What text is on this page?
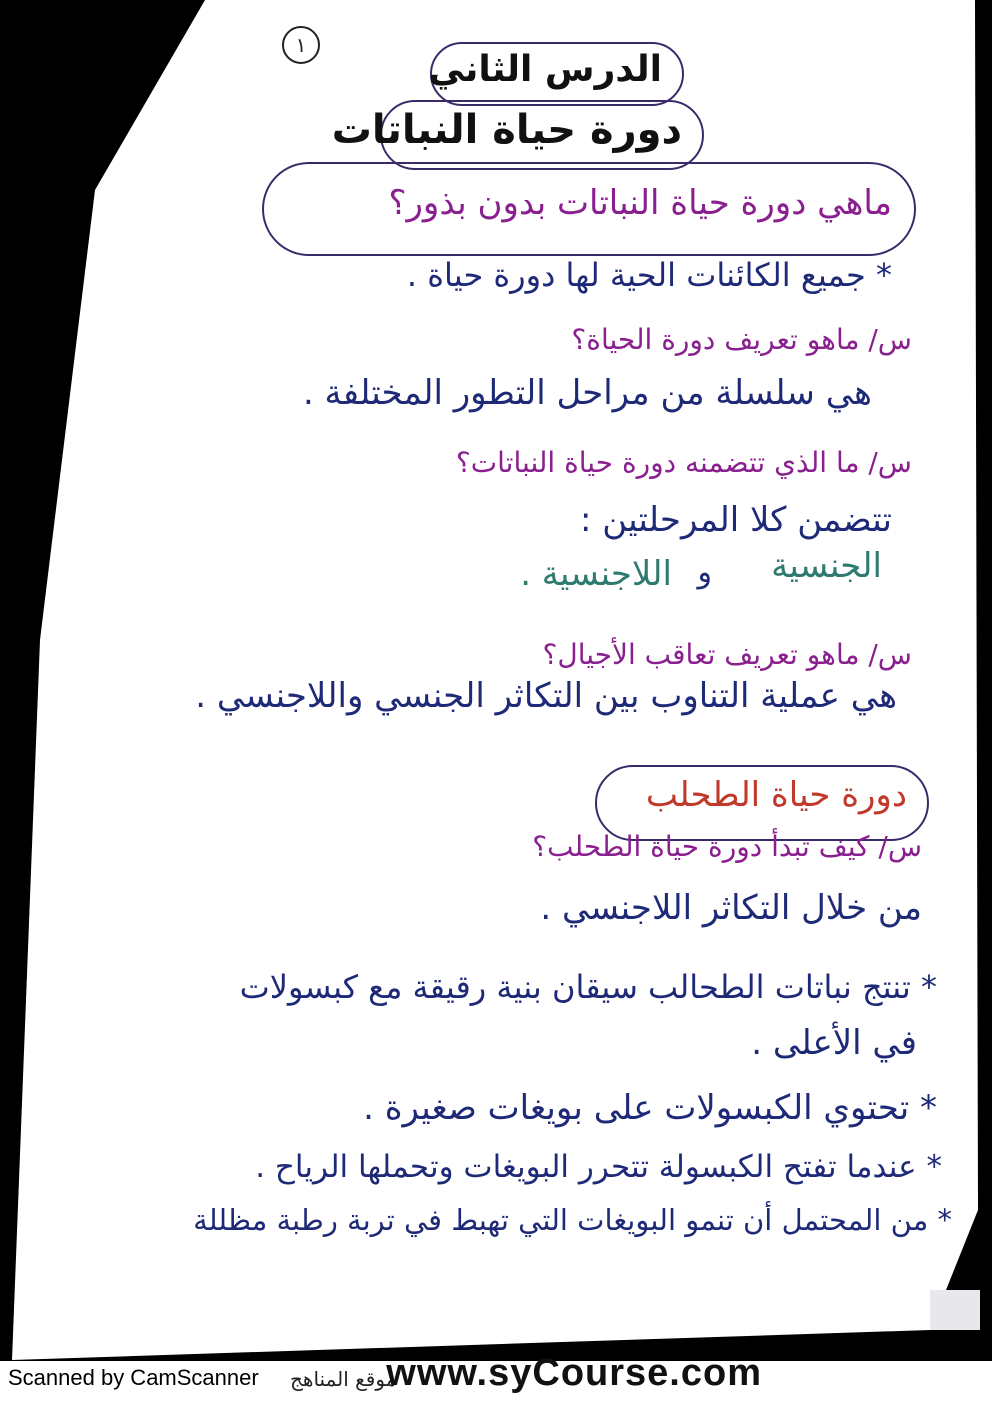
١
الدرس الثاني
دورة حياة النباتات
ماهي دورة حياة النباتات بدون بذور؟
* جميع الكائنات الحية لها دورة حياة .
س/ ماهو تعريف دورة الحياة؟
هي سلسلة من مراحل التطور المختلفة .
س/ ما الذي تتضمنه دورة حياة النباتات؟
تتضمن كلا المرحلتين :
الجنسية
و
اللاجنسية .
س/ ماهو تعريف تعاقب الأجيال؟
هي عملية التناوب بين التكاثر الجنسي واللاجنسي .
دورة حياة الطحلب
س/ كيف تبدأ دورة حياة الطحلب؟
من خلال التكاثر اللاجنسي .
* تنتج نباتات الطحالب سيقان بنية رقيقة مع كبسولات
في الأعلى .
* تحتوي الكبسولات على بويغات صغيرة .
* عندما تفتح الكبسولة تتحرر البويغات وتحملها الرياح .
* من المحتمل أن تنمو البويغات التي تهبط في تربة رطبة مظللة
Scanned by CamScanner موقع المناهج
www.syCourse.com
